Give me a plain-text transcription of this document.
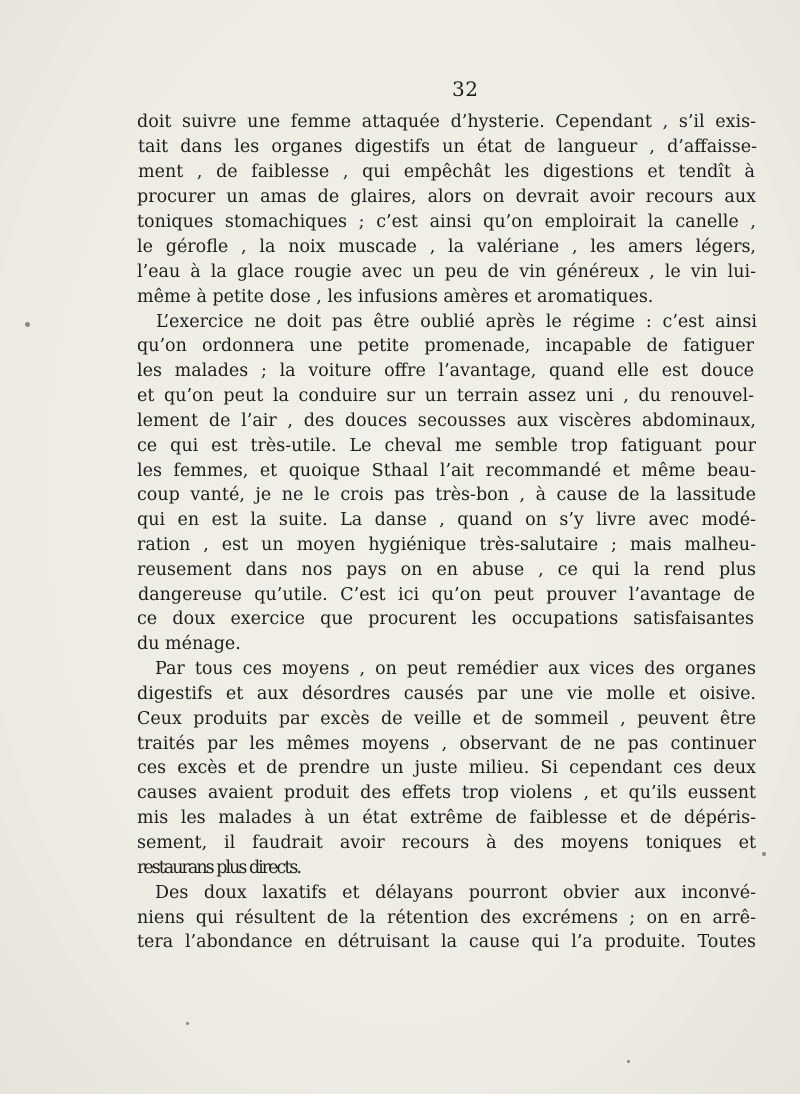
32
doit suivre une femme attaquée d’hysterie. Cependant , s’il exis-
tait dans les organes digestifs un état de langueur , d’affaisse-
ment , de faiblesse , qui empêchât les digestions et tendît à
procurer un amas de glaires, alors on devrait avoir recours aux
toniques stomachiques ; c’est ainsi qu’on emploirait la canelle ,
le gérofle , la noix muscade , la valériane , les amers légers,
l’eau à la glace rougie avec un peu de vin généreux , le vin lui-
même à petite dose , les infusions amères et aromatiques.
L’exercice ne doit pas être oublié après le régime : c’est ainsi
qu’on ordonnera une petite promenade, incapable de fatiguer
les malades ; la voiture offre l’avantage, quand elle est douce
et qu’on peut la conduire sur un terrain assez uni , du renouvel-
lement de l’air , des douces secousses aux viscères abdominaux,
ce qui est très-utile. Le cheval me semble trop fatiguant pour
les femmes, et quoique Sthaal l’ait recommandé et même beau-
coup vanté, je ne le crois pas très-bon , à cause de la lassitude
qui en est la suite. La danse , quand on s’y livre avec modé-
ration , est un moyen hygiénique très-salutaire ; mais malheu-
reusement dans nos pays on en abuse , ce qui la rend plus
dangereuse qu’utile. C’est ici qu’on peut prouver l’avantage de
ce doux exercice que procurent les occupations satisfaisantes
du ménage.
Par tous ces moyens , on peut remédier aux vices des organes
digestifs et aux désordres causés par une vie molle et oisive.
Ceux produits par excès de veille et de sommeil , peuvent être
traités par les mêmes moyens , observant de ne pas continuer
ces excès et de prendre un juste milieu. Si cependant ces deux
causes avaient produit des effets trop violens , et qu’ils eussent
mis les malades à un état extrême de faiblesse et de dépéris-
sement, il faudrait avoir recours à des moyens toniques et
restaurans plus directs.
Des doux laxatifs et délayans pourront obvier aux inconvé-
niens qui résultent de la rétention des excrémens ; on en arrê-
tera l’abondance en détruisant la cause qui l’a produite. Toutes
